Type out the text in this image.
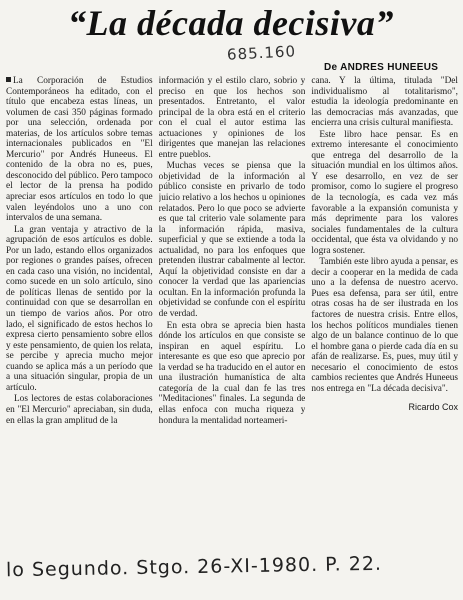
“La década decisiva”
685.160
De ANDRES HUNEEUS

La Corporación de Estudios Contemporáneos ha editado, con el título que encabeza estas líneas, un volumen de casi 350 páginas formado por una selección, ordenada por materias, de los artículos sobre temas internacionales publicados en "El Mercurio" por Andrés Huneeus. El contenido de la obra no es, pues, desconocido del público. Pero tampoco el lector de la prensa ha podido apreciar esos artículos en todo lo que valen leyéndolos uno a uno con intervalos de una semana.

La gran ventaja y atractivo de la agrupación de esos artículos es doble. Por un lado, estando ellos organizados por regiones o grandes países, ofrecen en cada caso una visión, no incidental, como sucede en un solo artículo, sino de políticas llenas de sentido por la continuidad con que se desarrollan en un tiempo de varios años. Por otro lado, el significado de estos hechos lo expresa cierto pensamiento sobre ellos y este pensamiento, de quien los relata, se percibe y aprecia mucho mejor cuando se aplica más a un período que a una situación singular, propia de un artículo.

Los lectores de estas colaboraciones en "El Mercurio" apreciaban, sin duda, en ellas la gran amplitud de la

información y el estilo claro, sobrio y preciso en que los hechos son presentados. Entretanto, el valor principal de la obra está en el criterio con el cual el autor estima las actuaciones y opiniones de los dirigentes que manejan las relaciones entre pueblos.

Muchas veces se piensa que la objetividad de la información al público consiste en privarlo de todo juicio relativo a los hechos u opiniones relatados. Pero lo que poco se advierte es que tal criterio vale solamente para la información rápida, masiva, superficial y que se extiende a toda la actualidad, no para los enfoques que pretenden ilustrar cabalmente al lector. Aquí la objetividad consiste en dar a conocer la verdad que las apariencias ocultan. En la información profunda la objetividad se confunde con el espíritu de verdad.

En esta obra se aprecia bien hasta dónde los artículos en que consiste se inspiran en aquel espíritu. Lo interesante es que eso que aprecio por la verdad se ha traducido en el autor en una ilustración humanística de alta categoría de la cual dan fe las tres "Meditaciones" finales. La segunda de ellas enfoca con mucha riqueza y hondura la mentalidad norteameri-

cana. Y la última, titulada "Del individualismo al totalitarismo", estudia la ideología predominante en las democracias más avanzadas, que encierra una crisis cultural manifiesta.

Este libro hace pensar. Es en extremo interesante el conocimiento que entrega del desarrollo de la situación mundial en los últimos años. Y ese desarrollo, en vez de ser promisor, como lo sugiere el progreso de la tecnología, es cada vez más favorable a la expansión comunista y más deprimente para los valores sociales fundamentales de la cultura occidental, que ésta va olvidando y no logra sostener.

También este libro ayuda a pensar, es decir a cooperar en la medida de cada uno a la defensa de nuestro acervo. Pues esa defensa, para ser útil, entre otras cosas ha de ser ilustrada en los factores de nuestra crisis. Entre ellos, los hechos políticos mundiales tienen algo de un balance continuo de lo que el hombre gana o pierde cada día en su afán de realizarse. Es, pues, muy útil y necesario el conocimiento de estos cambios recientes que Andrés Huneeus nos entrega en "La década decisiva".

Ricardo Cox
lo Segundo. Stgo. 26-XI-1980. P. 22.
